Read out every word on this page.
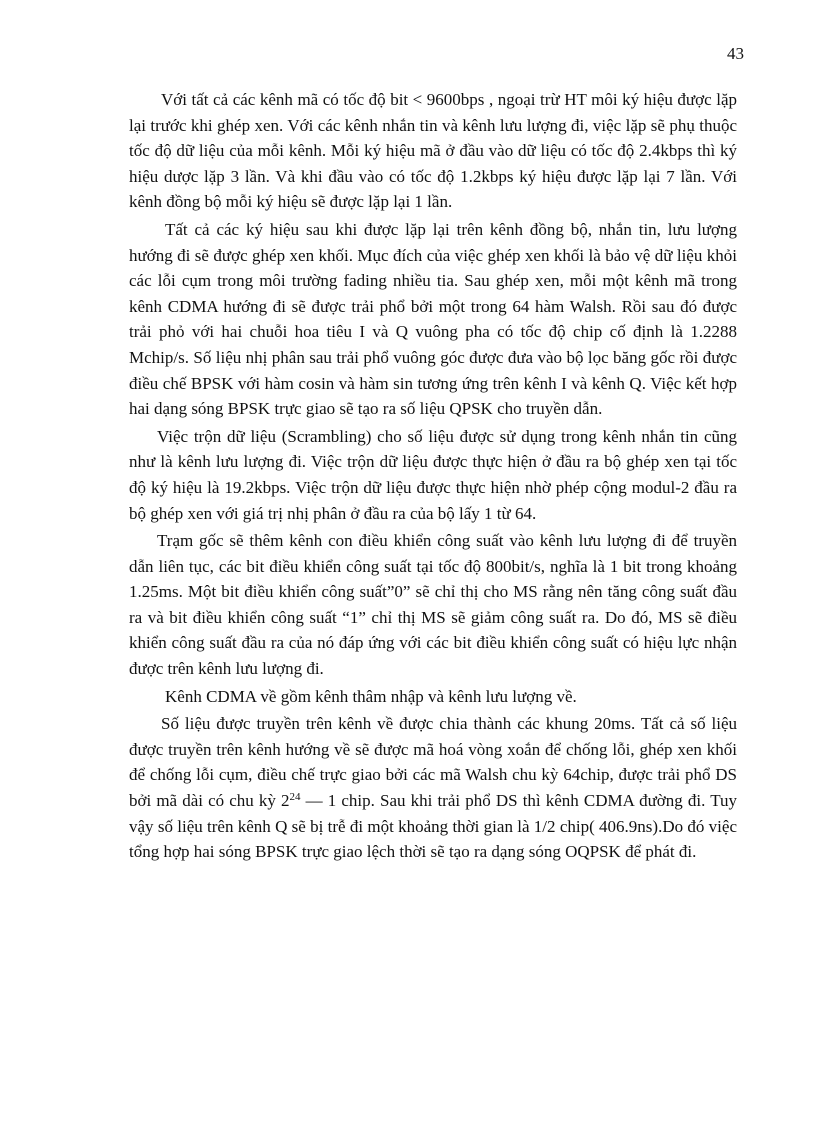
43

Với tất cả các kênh mã có tốc độ bit < 9600bps , ngoại trừ HT môi ký hiệu được lặp lại trước khi ghép xen. Với các kênh nhắn tin và kênh lưu lượng đi, việc lặp sẽ phụ thuộc tốc độ dữ liệu của mỗi kênh. Mỗi ký hiệu mã ở đầu vào dữ liệu có tốc độ 2.4kbps thì ký hiệu dược lặp 3 lần. Và khi đầu vào có tốc độ 1.2kbps ký hiệu được lặp lại 7 lần. Với kênh đồng bộ mỗi ký hiệu sẽ được lặp lại 1 lần.

Tất cả các ký hiệu sau khi được lặp lại trên kênh đồng bộ, nhắn tin, lưu lượng hướng đi sẽ được ghép xen khối. Mục đích của việc ghép xen khối là bảo vệ dữ liệu khỏi các lỗi cụm trong môi trường fading nhiều tia. Sau ghép xen, mỗi một kênh mã trong kênh CDMA hướng đi sẽ được trải phổ bởi một trong 64 hàm Walsh. Rồi sau đó được trải phỏ với hai chuỗi hoa tiêu I và Q vuông pha có tốc độ chip cố định là 1.2288 Mchip/s. Số liệu nhị phân sau trải phổ vuông góc được đưa vào bộ lọc băng gốc rồi được điều chế BPSK với hàm cosin và hàm sin tương ứng trên kênh I và kênh Q. Việc kết hợp hai dạng sóng BPSK trực giao sẽ tạo ra số liệu QPSK cho truyền dẫn.

Việc trộn dữ liệu (Scrambling) cho số liệu được sử dụng trong kênh nhắn tin cũng như là kênh lưu lượng đi. Việc trộn dữ liệu được thực hiện ở đầu ra bộ ghép xen tại tốc độ ký hiệu là 19.2kbps. Việc trộn dữ liệu được thực hiện nhờ phép cộng modul-2 đầu ra bộ ghép xen với giá trị nhị phân ở đầu ra của bộ lấy 1 từ 64.

Trạm gốc sẽ thêm kênh con điều khiển công suất vào kênh lưu lượng đi để truyền dẫn liên tục, các bit điều khiển công suất tại tốc độ 800bit/s, nghĩa là 1 bit trong khoảng 1.25ms. Một bit điều khiển công suất”0” sẽ chỉ thị cho MS rằng nên tăng công suất đầu ra và bit điều khiển công suất “1” chỉ thị MS sẽ giảm công suất ra. Do đó, MS sẽ điều khiển công suất đầu ra của nó đáp ứng với các bit điều khiển công suất có hiệu lực nhận được trên kênh lưu lượng đi.

Kênh CDMA về gồm kênh thâm nhập và kênh lưu lượng về.

Số liệu được truyền trên kênh về được chia thành các khung 20ms. Tất cả số liệu được truyền trên kênh hướng về sẽ được mã hoá vòng xoắn để chống lỗi, ghép xen khối để chống lỗi cụm, điều chế trực giao bởi các mã Walsh chu kỳ 64chip, được trải phổ DS bởi mã dài có chu kỳ $2^{24}$ — 1 chip. Sau khi trải phổ DS thì kênh CDMA đường đi. Tuy vậy số liệu trên kênh Q sẽ bị trễ đi một khoảng thời gian là 1/2 chip( 406.9ns).Do đó việc tổng hợp hai sóng BPSK trực giao lệch thời sẽ tạo ra dạng sóng OQPSK để phát đi.
